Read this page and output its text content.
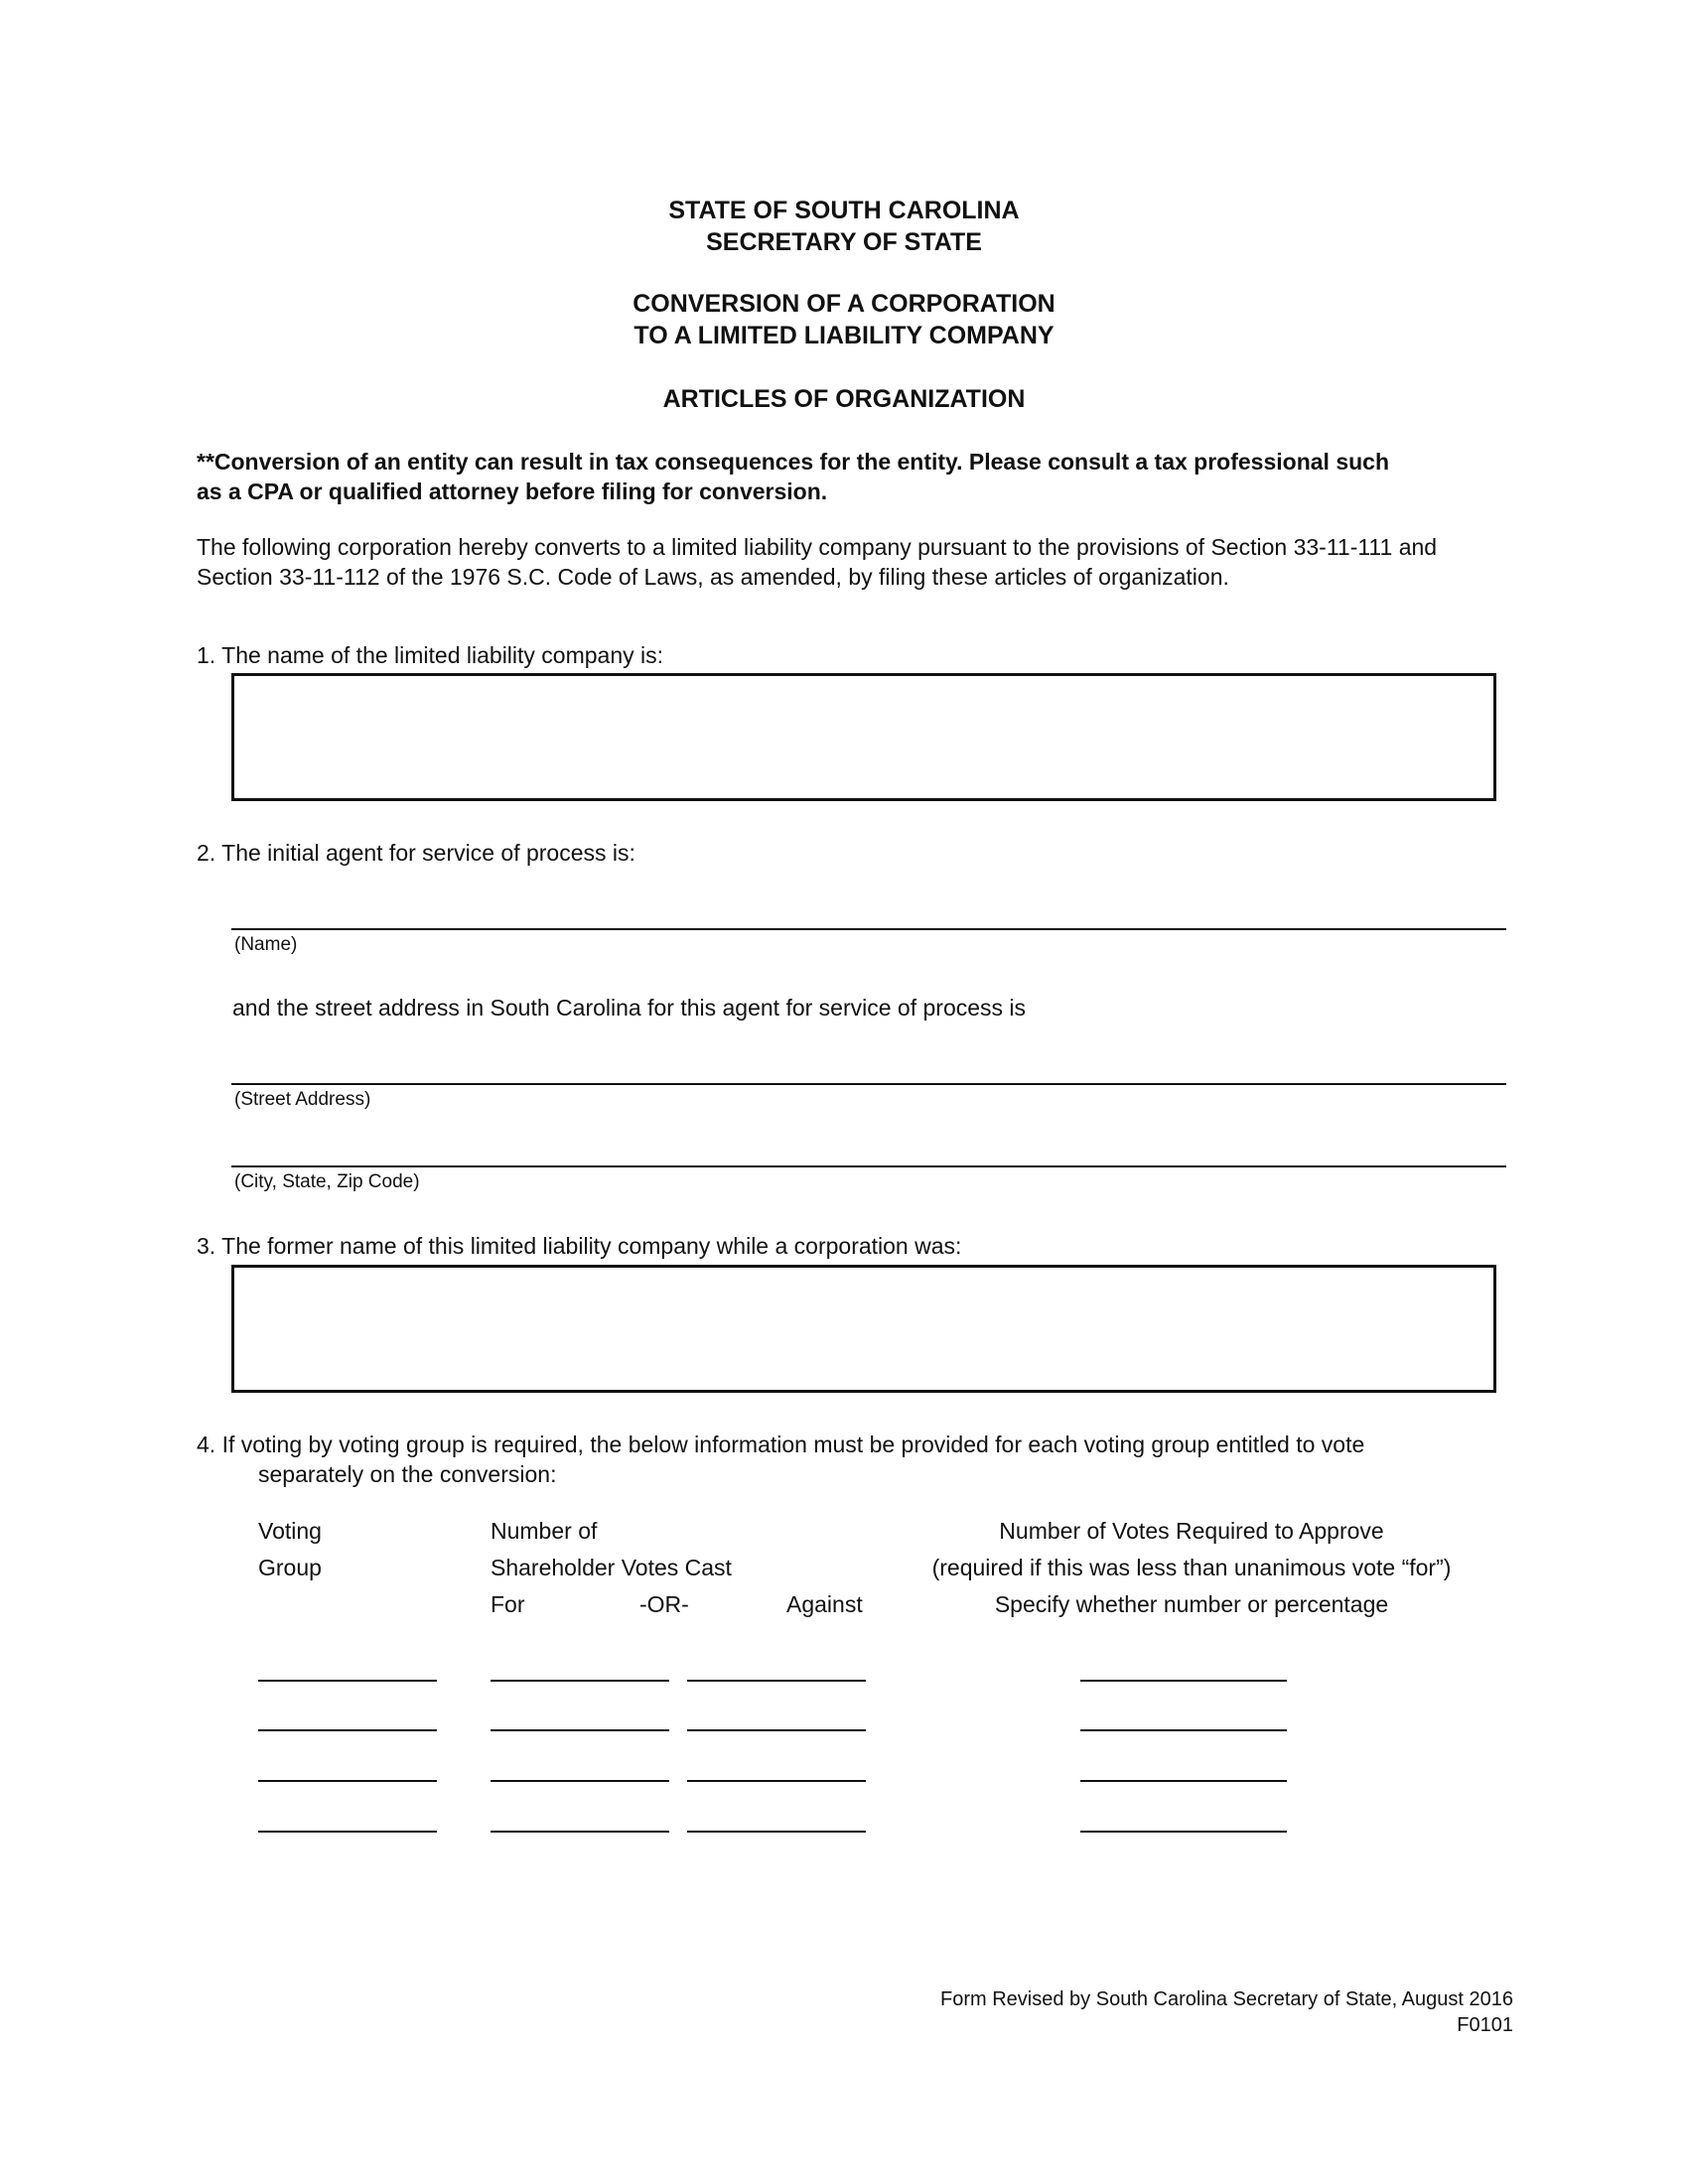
STATE OF SOUTH CAROLINA
SECRETARY OF STATE
CONVERSION OF A CORPORATION
TO A LIMITED LIABILITY COMPANY
ARTICLES OF ORGANIZATION
**Conversion of an entity can result in tax consequences for the entity. Please consult a tax professional such
as a CPA or qualified attorney before filing for conversion.
The following corporation hereby converts to a limited liability company pursuant to the provisions of Section 33-11-111 and
Section 33-11-112 of the 1976 S.C. Code of Laws, as amended, by filing these articles of organization.
1. The name of the limited liability company is:
2. The initial agent for service of process is:
(Name)
and the street address in South Carolina for this agent for service of process is
(Street Address)
(City, State, Zip Code)
3. The former name of this limited liability company while a corporation was:
4. If voting by voting group is required, the below information must be provided for each voting group entitled to vote
separately on the conversion:
Voting
Group
Number of
Shareholder Votes Cast
For	-OR-	Against
Number of Votes Required to Approve
(required if this was less than unanimous vote “for”)
Specify whether number or percentage
Form Revised by South Carolina Secretary of State, August 2016
F0101
